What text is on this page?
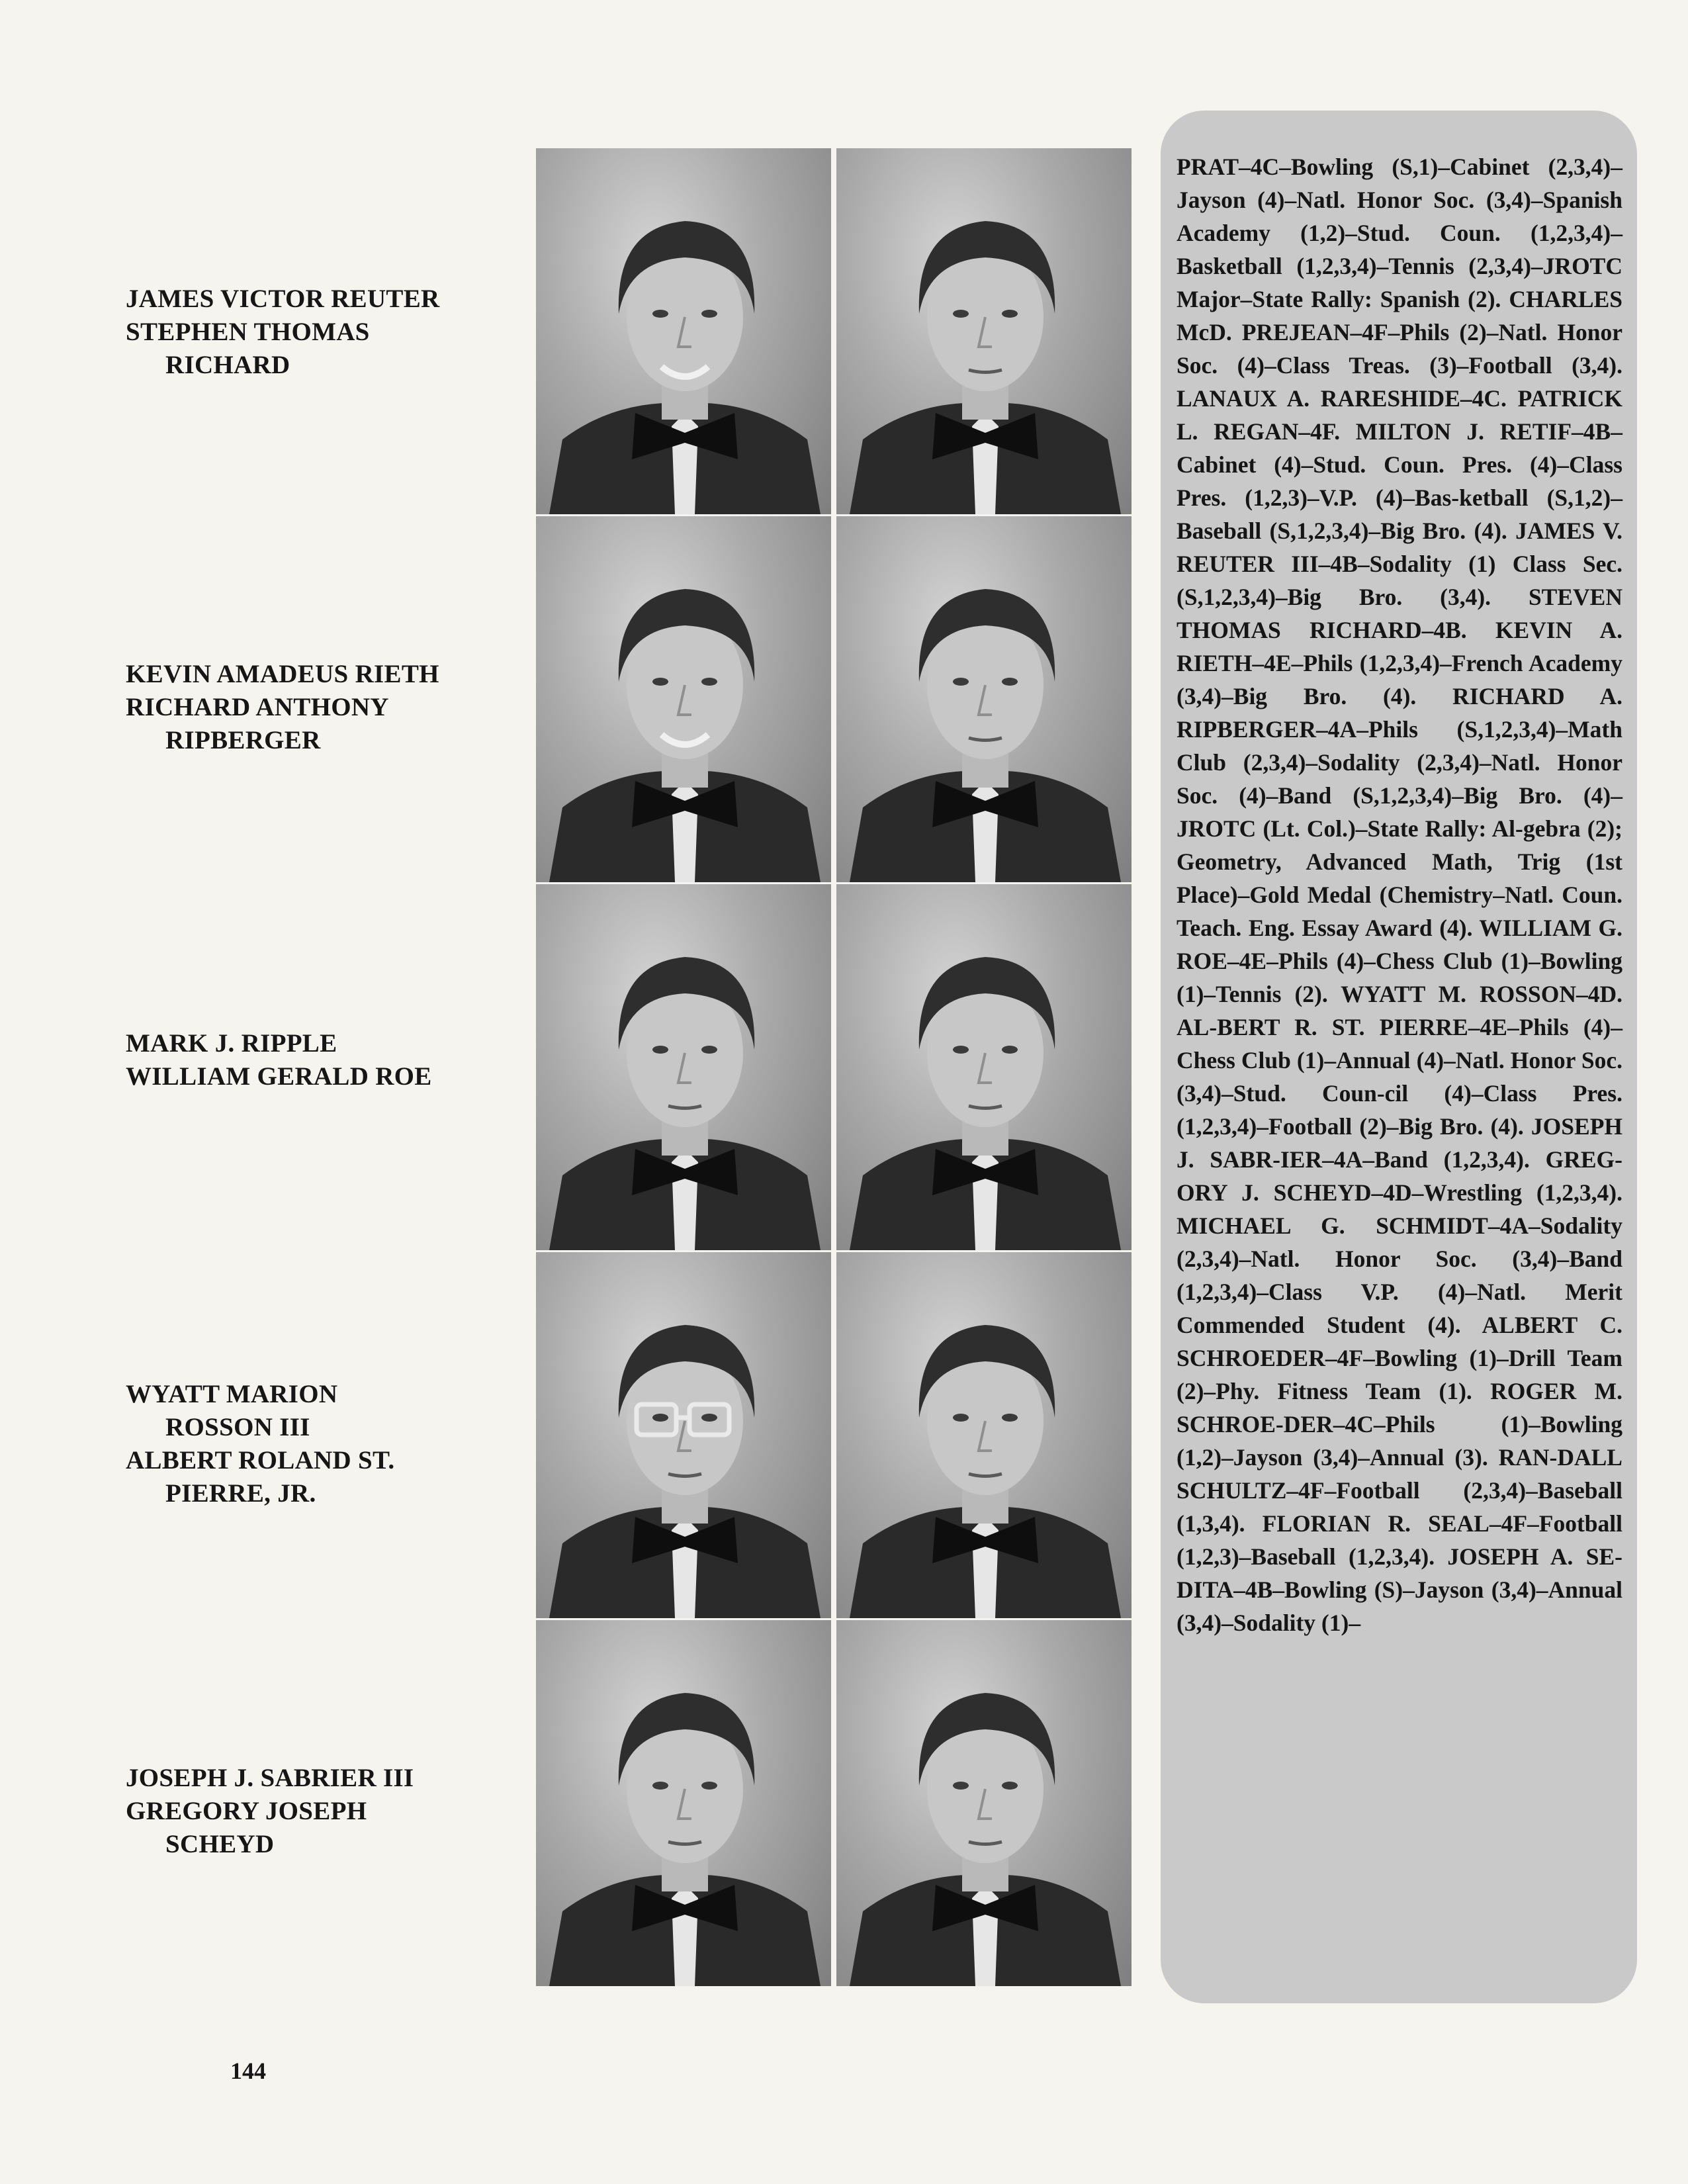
JAMES VICTOR REUTER
STEPHEN THOMAS
RICHARD
KEVIN AMADEUS RIETH
RICHARD ANTHONY
RIPBERGER
MARK J. RIPPLE
WILLIAM GERALD ROE
WYATT MARION
ROSSON III
ALBERT ROLAND ST.
PIERRE, JR.
JOSEPH J. SABRIER III
GREGORY JOSEPH
SCHEYD

PRAT–4C–Bowling (S,1)–Cabinet (2,3,4)–Jayson (4)–Natl. Honor Soc. (3,4)–Spanish Academy (1,2)–Stud. Coun. (1,2,3,4)–Basketball (1,2,3,4)–Tennis (2,3,4)–JROTC Major–State Rally: Spanish (2). CHARLES McD. PREJEAN–4F–Phils (2)–Natl. Honor Soc. (4)–Class Treas. (3)–Football (3,4). LANAUX A. RARESHIDE–4C. PATRICK L. REGAN–4F. MILTON J. RETIF–4B–Cabinet (4)–Stud. Coun. Pres. (4)–Class Pres. (1,2,3)–V.P. (4)–Bas-ketball (S,1,2)–Baseball (S,1,2,3,4)–Big Bro. (4). JAMES V. REUTER III–4B–Sodality (1) Class Sec. (S,1,2,3,4)–Big Bro. (3,4). STEVEN THOMAS RICHARD–4B. KEVIN A. RIETH–4E–Phils (1,2,3,4)–French Academy (3,4)–Big Bro. (4). RICHARD A. RIPBERGER–4A–Phils (S,1,2,3,4)–Math Club (2,3,4)–Sodality (2,3,4)–Natl. Honor Soc. (4)–Band (S,1,2,3,4)–Big Bro. (4)–JROTC (Lt. Col.)–State Rally: Al-gebra (2); Geometry, Advanced Math, Trig (1st Place)–Gold Medal (Chemistry–Natl. Coun. Teach. Eng. Essay Award (4). WILLIAM G. ROE–4E–Phils (4)–Chess Club (1)–Bowling (1)–Tennis (2). WYATT M. ROSSON–4D. AL-BERT R. ST. PIERRE–4E–Phils (4)–Chess Club (1)–Annual (4)–Natl. Honor Soc. (3,4)–Stud. Coun-cil (4)–Class Pres. (1,2,3,4)–Football (2)–Big Bro. (4). JOSEPH J. SABR-IER–4A–Band (1,2,3,4). GREG-ORY J. SCHEYD–4D–Wrestling (1,2,3,4). MICHAEL G. SCHMIDT–4A–Sodality (2,3,4)–Natl. Honor Soc. (3,4)–Band (1,2,3,4)–Class V.P. (4)–Natl. Merit Commended Student (4). ALBERT C. SCHROEDER–4F–Bowling (1)–Drill Team (2)–Phy. Fitness Team (1). ROGER M. SCHROE-DER–4C–Phils (1)–Bowling (1,2)–Jayson (3,4)–Annual (3). RAN-DALL SCHULTZ–4F–Football (2,3,4)–Baseball (1,3,4). FLORIAN R. SEAL–4F–Football (1,2,3)–Baseball (1,2,3,4). JOSEPH A. SE-DITA–4B–Bowling (S)–Jayson (3,4)–Annual (3,4)–Sodality (1)–

144
